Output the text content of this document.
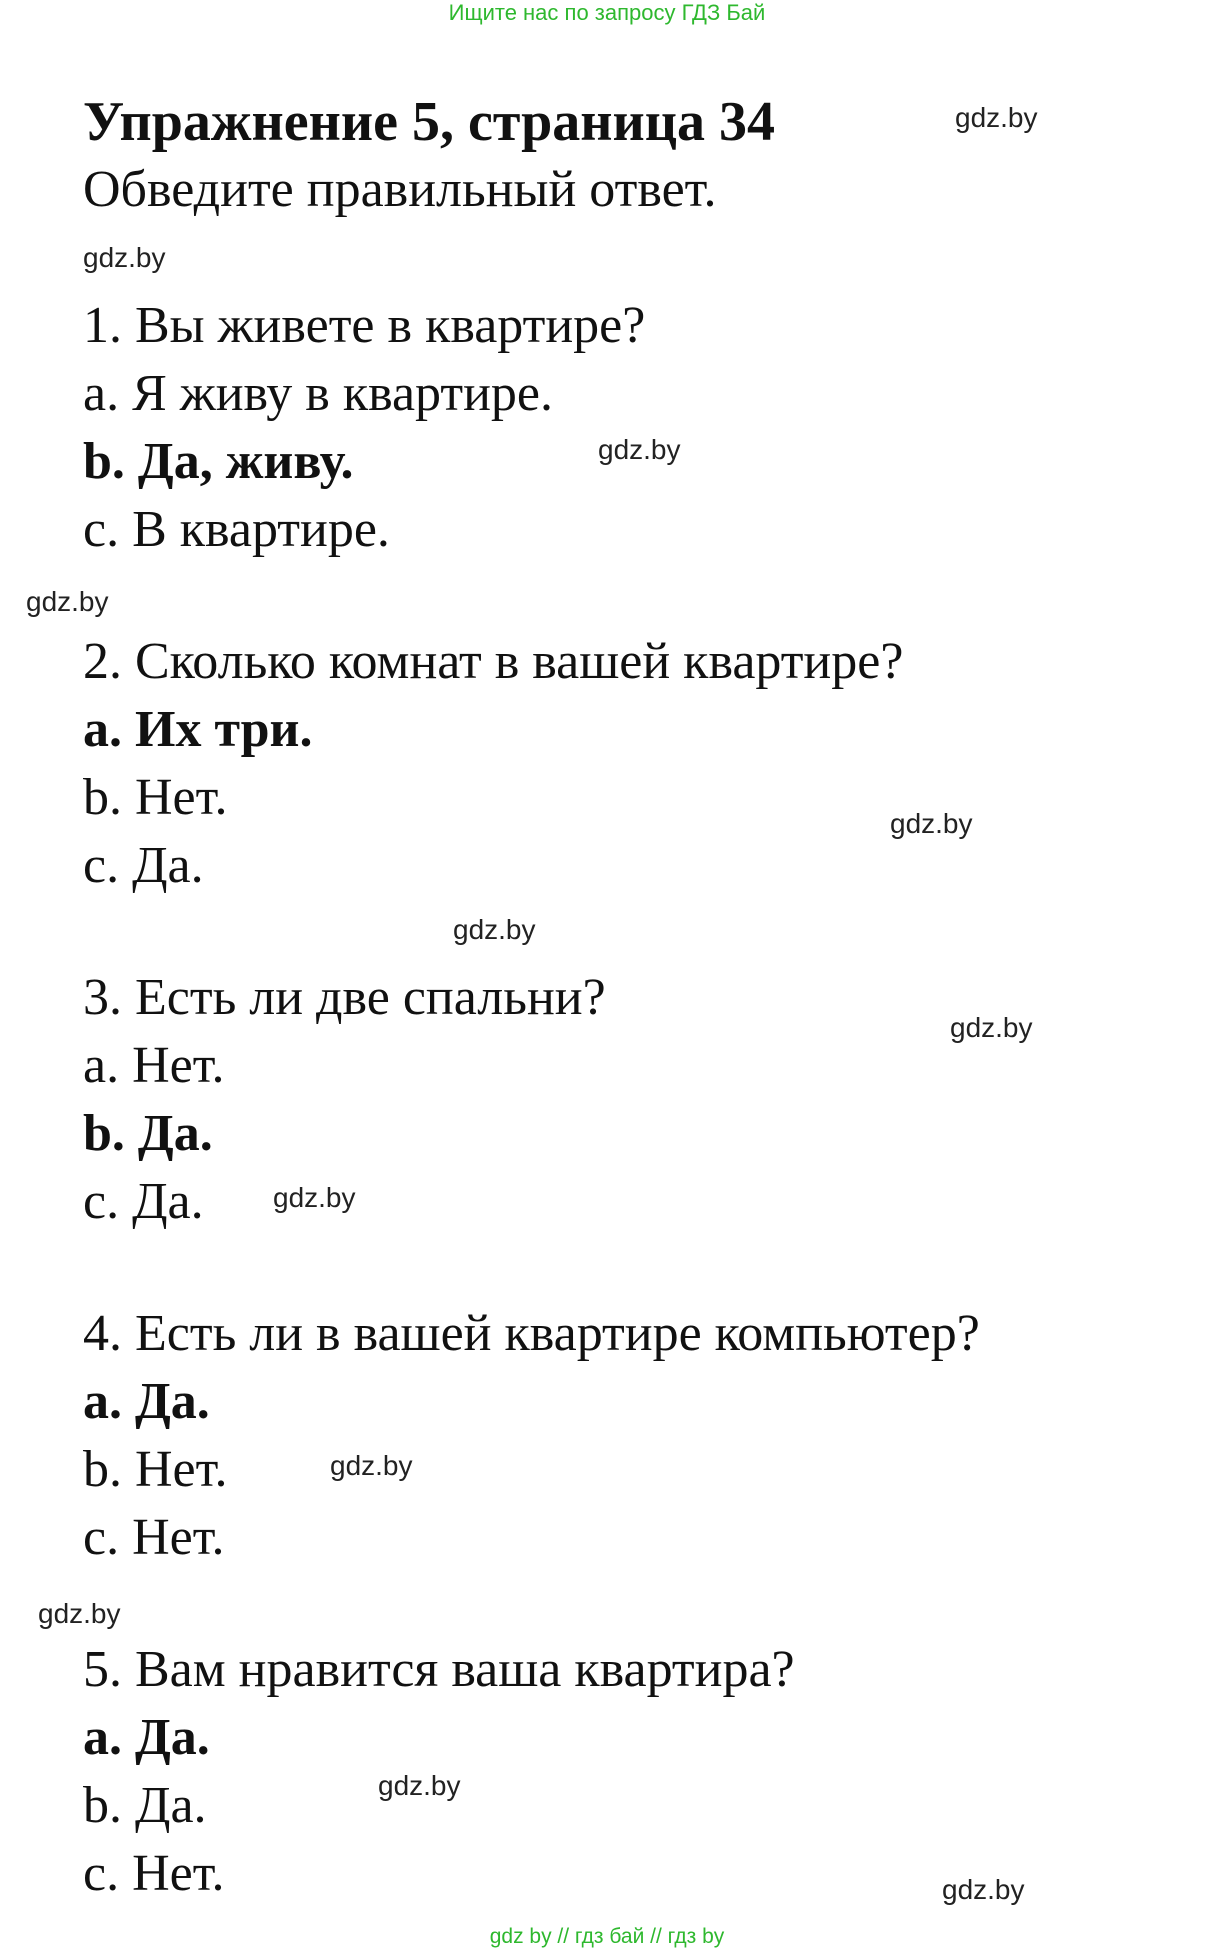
Ищите нас по запросу ГДЗ Бай
Упражнение 5, страница 34
Обведите правильный ответ.
1. Вы живете в квартире?
a. Я живу в квартире.
b. Да, живу.
c. В квартире.
2. Сколько комнат в вашей квартире?
a. Их три.
b. Нет.
c. Да.
3. Есть ли две спальни?
a. Нет.
b. Да.
c. Да.
4. Есть ли в вашей квартире компьютер?
a. Да.
b. Нет.
c. Нет.
5. Вам нравится ваша квартира?
a. Да.
b. Да.
c. Нет.
gdz.by
gdz.by
gdz.by
gdz.by
gdz.by
gdz.by
gdz.by
gdz.by
gdz.by
gdz.by
gdz.by
gdz.by
gdz by // гдз бай // гдз by
